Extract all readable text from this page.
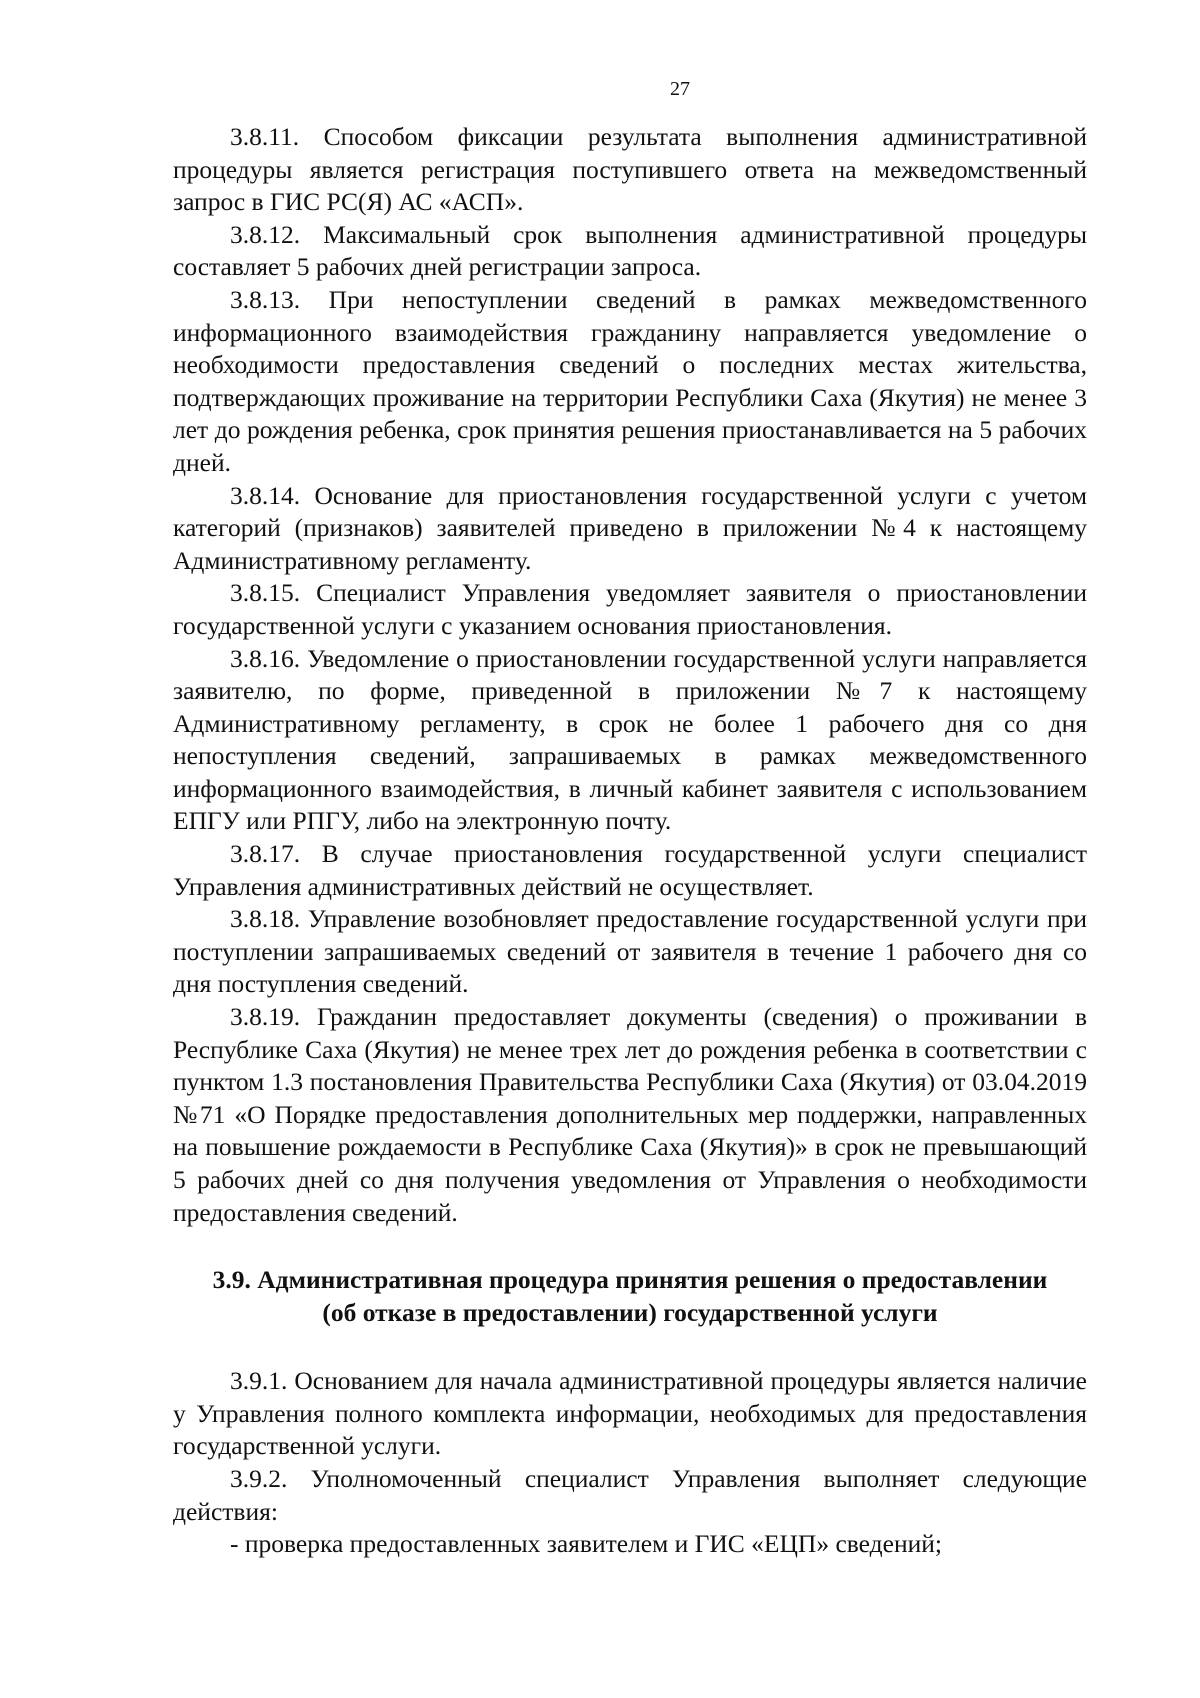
27

3.8.11. Способом фиксации результата выполнения административной процедуры является регистрация поступившего ответа на межведомственный запрос в ГИС РС(Я) АС «АСП».

3.8.12. Максимальный срок выполнения административной процедуры составляет 5 рабочих дней регистрации запроса.

3.8.13. При непоступлении сведений в рамках межведомственного информационного взаимодействия гражданину направляется уведомление о необходимости предоставления сведений о последних местах жительства, подтверждающих проживание на территории Республики Саха (Якутия) не менее 3 лет до рождения ребенка, срок принятия решения приостанавливается на 5 рабочих дней.

3.8.14. Основание для приостановления государственной услуги с учетом категорий (признаков) заявителей приведено в приложении №4 к настоящему Административному регламенту.

3.8.15. Специалист Управления уведомляет заявителя о приостановлении государственной услуги с указанием основания приостановления.

3.8.16. Уведомление о приостановлении государственной услуги направляется заявителю, по форме, приведенной в приложении №7 к настоящему Административному регламенту, в срок не более 1 рабочего дня со дня непоступления сведений, запрашиваемых в рамках межведомственного информационного взаимодействия, в личный кабинет заявителя с использованием ЕПГУ или РПГУ, либо на электронную почту.

3.8.17. В случае приостановления государственной услуги специалист Управления административных действий не осуществляет.

3.8.18. Управление возобновляет предоставление государственной услуги при поступлении запрашиваемых сведений от заявителя в течение 1 рабочего дня со дня поступления сведений.

3.8.19. Гражданин предоставляет документы (сведения) о проживании в Республике Саха (Якутия) не менее трех лет до рождения ребенка в соответствии с пунктом 1.3 постановления Правительства Республики Саха (Якутия) от 03.04.2019 №71 «О Порядке предоставления дополнительных мер поддержки, направленных на повышение рождаемости в Республике Саха (Якутия)» в срок не превышающий 5 рабочих дней со дня получения уведомления от Управления о необходимости предоставления сведений.

3.9. Административная процедура принятия решения о предоставлении
(об отказе в предоставлении) государственной услуги

3.9.1. Основанием для начала административной процедуры является наличие у Управления полного комплекта информации, необходимых для предоставления государственной услуги.

3.9.2. Уполномоченный специалист Управления выполняет следующие действия:

- проверка предоставленных заявителем и ГИС «ЕЦП» сведений;
